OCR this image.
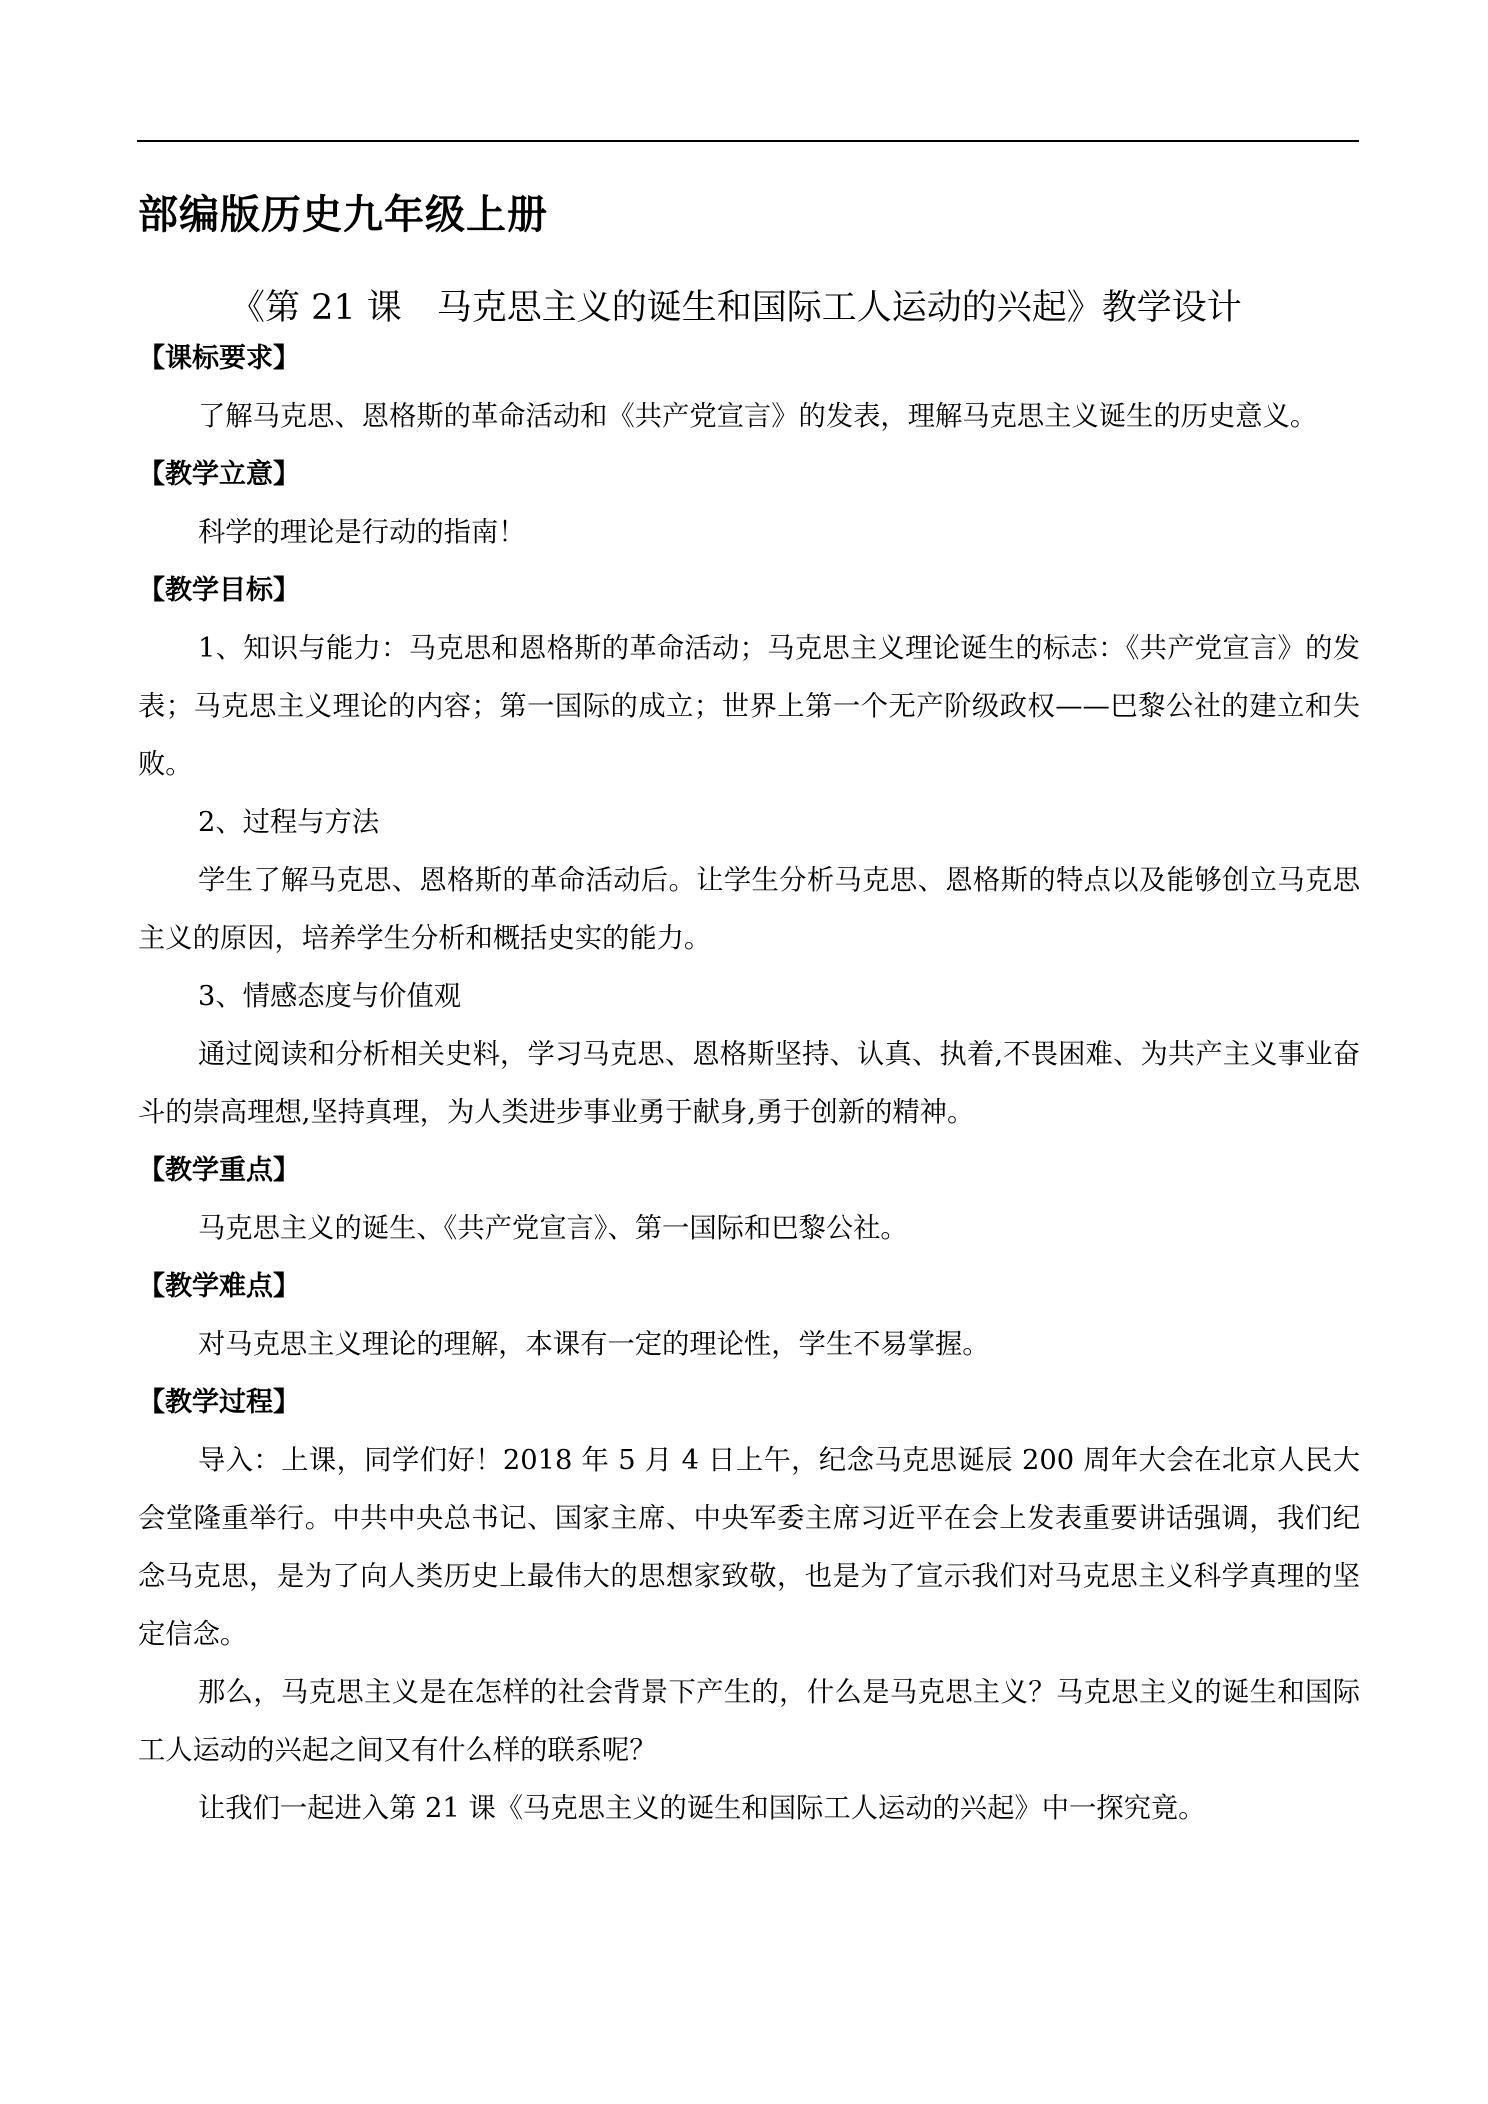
部编版历史九年级上册
《第 21 课　马克思主义的诞生和国际工人运动的兴起》教学设计

【课标要求】

了解马克思、恩格斯的革命活动和《共产党宣言》的发表，理解马克思主义诞生的历史意义。

【教学立意】

科学的理论是行动的指南！

【教学目标】

1、知识与能力：马克思和恩格斯的革命活动；马克思主义理论诞生的标志：《共产党宣言》的发表；马克思主义理论的内容；第一国际的成立；世界上第一个无产阶级政权——巴黎公社的建立和失败。

2、过程与方法

学生了解马克思、恩格斯的革命活动后。让学生分析马克思、恩格斯的特点以及能够创立马克思主义的原因，培养学生分析和概括史实的能力。

3、情感态度与价值观

通过阅读和分析相关史料，学习马克思、恩格斯坚持、认真、执着,不畏困难、为共产主义事业奋斗的崇高理想,坚持真理，为人类进步事业勇于献身,勇于创新的精神。

【教学重点】

马克思主义的诞生、《共产党宣言》、第一国际和巴黎公社。

【教学难点】

对马克思主义理论的理解，本课有一定的理论性，学生不易掌握。

【教学过程】

导入：上课，同学们好！2018 年 5 月 4 日上午，纪念马克思诞辰 200 周年大会在北京人民大会堂隆重举行。中共中央总书记、国家主席、中央军委主席习近平在会上发表重要讲话强调，我们纪念马克思，是为了向人类历史上最伟大的思想家致敬，也是为了宣示我们对马克思主义科学真理的坚定信念。

那么，马克思主义是在怎样的社会背景下产生的，什么是马克思主义？马克思主义的诞生和国际工人运动的兴起之间又有什么样的联系呢？

让我们一起进入第 21 课《马克思主义的诞生和国际工人运动的兴起》中一探究竟。
